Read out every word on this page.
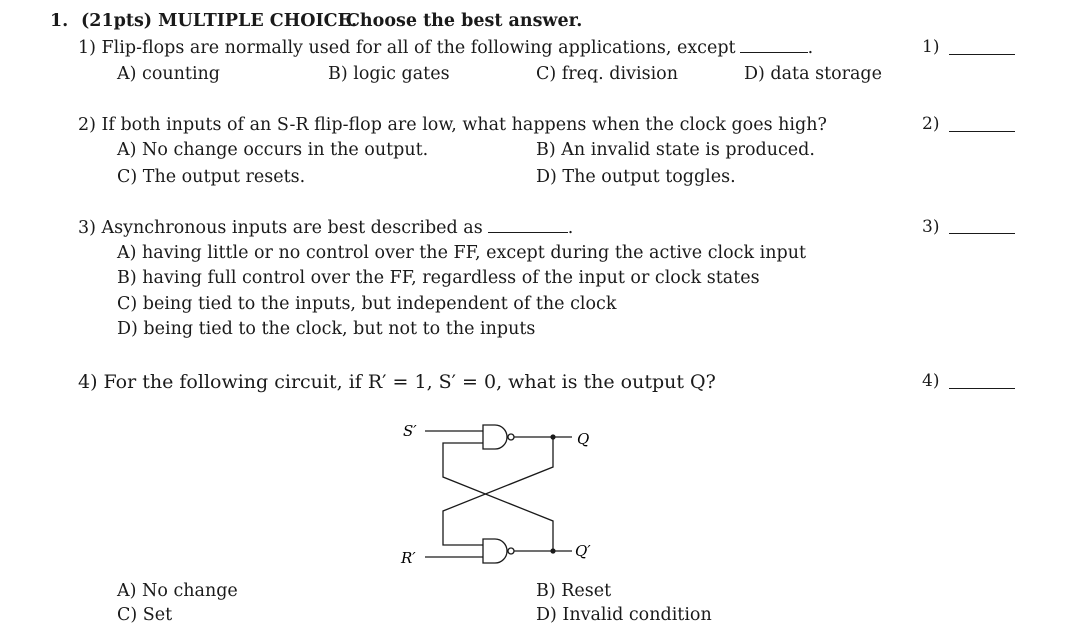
1. (21pts) MULTIPLE CHOICE.
Choose the best answer.
1) Flip-flops are normally used for all of the following applications, except	.
A) counting	B) logic gates	C) freq. division	D) data storage
1)
2) If both inputs of an S-R flip-flop are low, what happens when the clock goes high?
A) No change occurs in the output.	B) An invalid state is produced.
C) The output resets.	D) The output toggles.
2)
3) Asynchronous inputs are best described as	.
A) having little or no control over the FF, except during the active clock input
B) having full control over the FF, regardless of the input or clock states
C) being tied to the inputs, but independent of the clock
D) being tied to the clock, but not to the inputs
3)
4) For the following circuit, if R′ = 1, S′ = 0, what is the output Q?	4)
S′
R′
Q
Q′
A) No change	B) Reset
C) Set	D) Invalid condition
